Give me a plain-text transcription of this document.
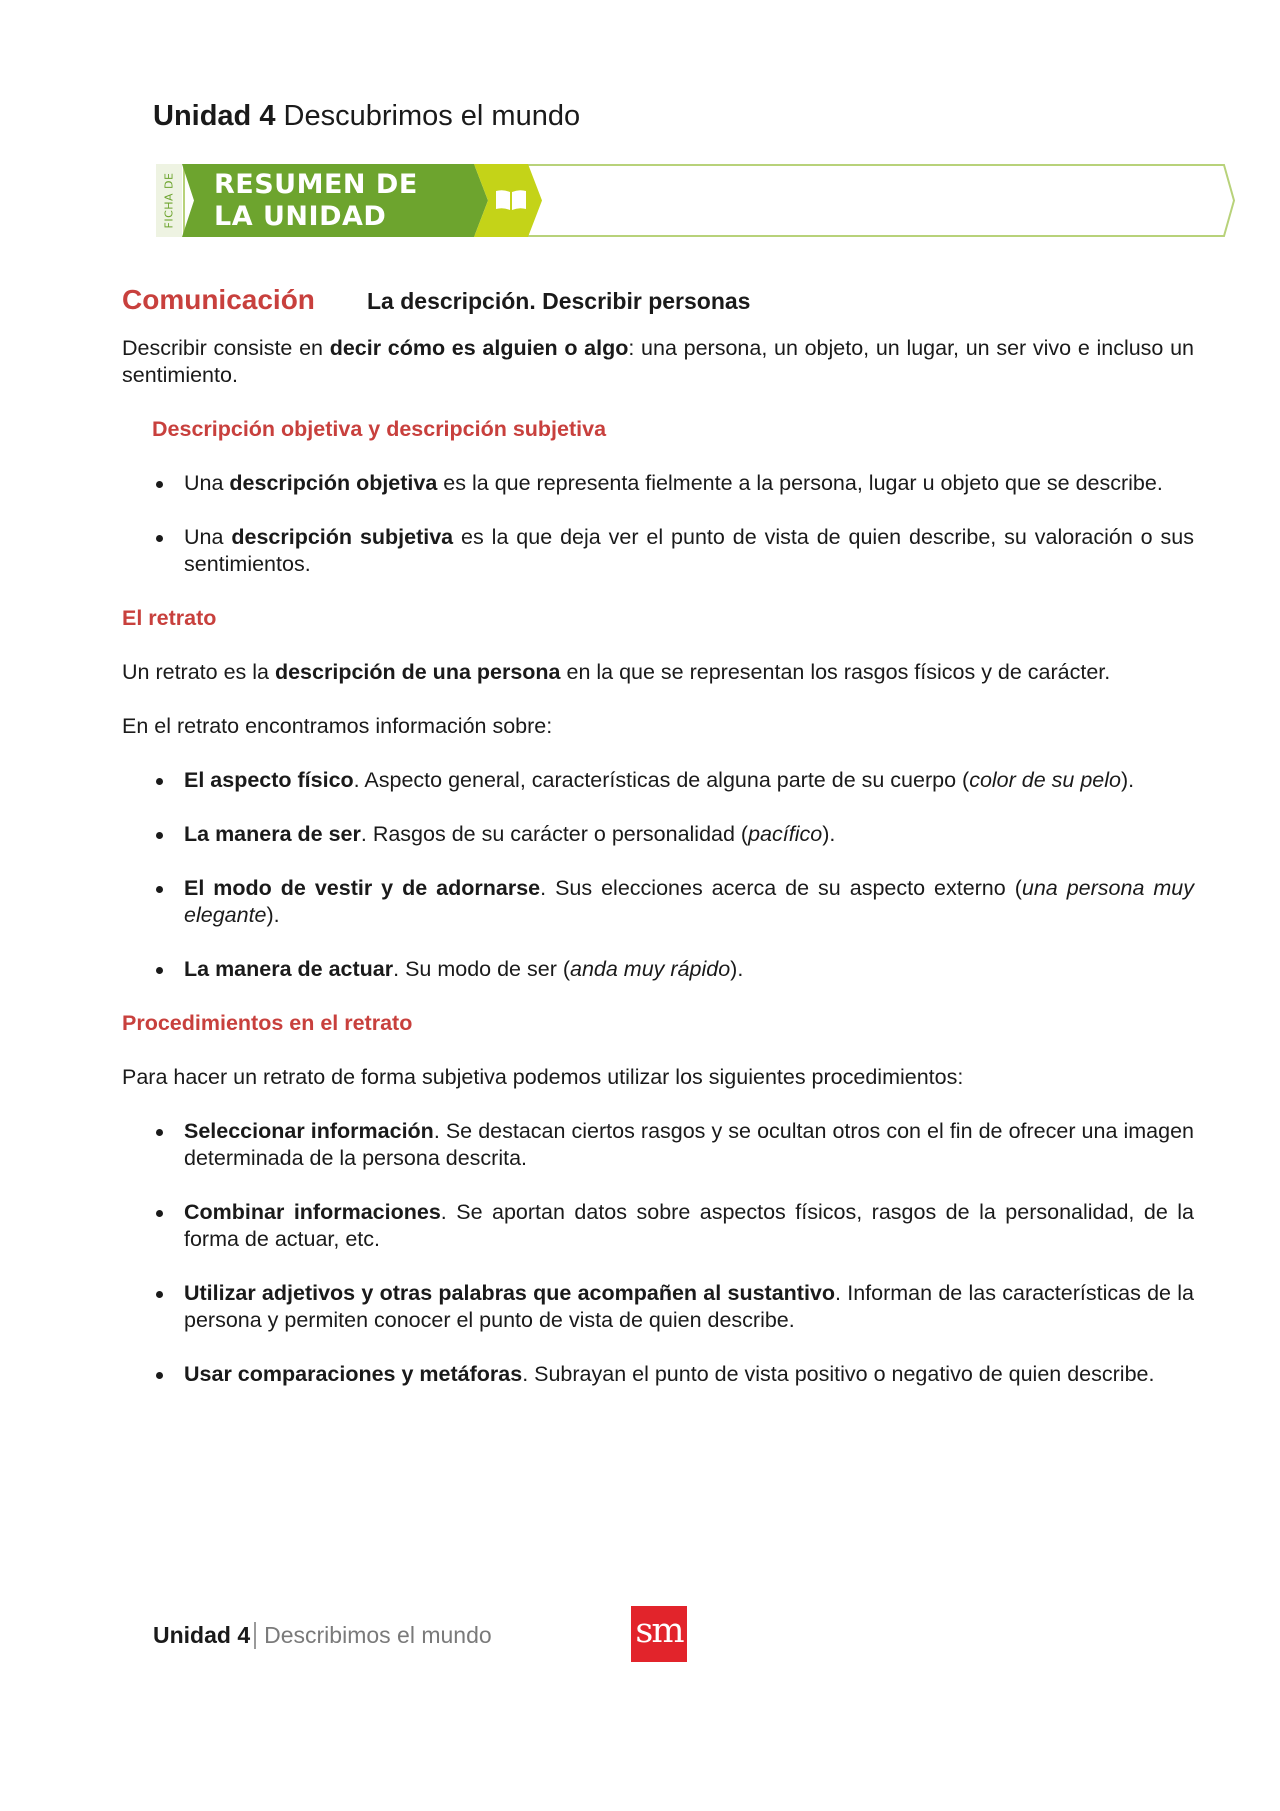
Unidad 4 Descubrimos el mundo
FICHA DE RESUMEN DE
LA UNIDAD
Comunicación	La descripción. Describir personas

Describir consiste en decir cómo es alguien o algo: una persona, un objeto, un lugar, un ser vivo e incluso un sentimiento.

Descripción objetiva y descripción subjetiva
Una descripción objetiva es la que representa fielmente a la persona, lugar u objeto que se describe.
Una descripción subjetiva es la que deja ver el punto de vista de quien describe, su valoración o sus sentimientos.
El retrato

Un retrato es la descripción de una persona en la que se representan los rasgos físicos y de carácter.

En el retrato encontramos información sobre:

El aspecto físico. Aspecto general, características de alguna parte de su cuerpo (color de su pelo).
La manera de ser. Rasgos de su carácter o personalidad (pacífico).
El modo de vestir y de adornarse. Sus elecciones acerca de su aspecto externo (una persona muy elegante).
La manera de actuar. Su modo de ser (anda muy rápido).
Procedimientos en el retrato

Para hacer un retrato de forma subjetiva podemos utilizar los siguientes procedimientos:

Seleccionar información. Se destacan ciertos rasgos y se ocultan otros con el fin de ofrecer una imagen determinada de la persona descrita.
Combinar informaciones. Se aportan datos sobre aspectos físicos, rasgos de la personalidad, de la forma de actuar, etc.
Utilizar adjetivos y otras palabras que acompañen al sustantivo. Informan de las características de la persona y permiten conocer el punto de vista de quien describe.
Usar comparaciones y metáforas. Subrayan el punto de vista positivo o negativo de quien describe.
Unidad 4 Describimos el mundo	sm
